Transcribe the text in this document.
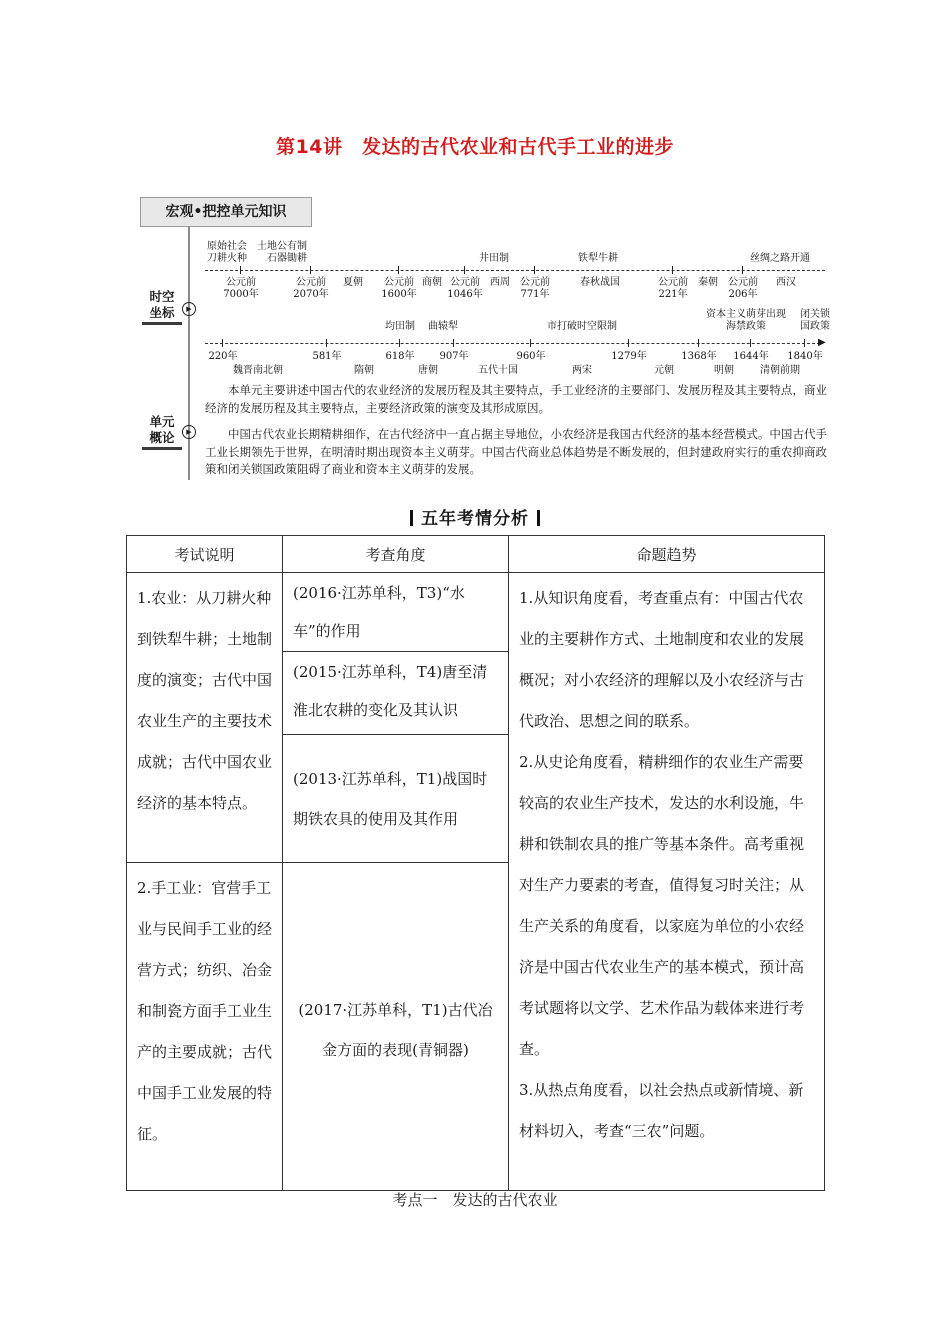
第14讲　发达的古代农业和古代手工业的进步
宏观•把控单元知识
时空
坐标	▶
单元
概论	▶
原始社会
刀耕火种
土地公有制
石器锄耕	井田制	铁犁牛耕	丝绸之路开通
公元前
7000年
公元前
2070年
夏朝 公元前
1600年
商朝 公元前
1046年
西周 公元前
771年
春秋战国	公元前
221年
秦朝 公元前
206年
西汉
▶
均田制 曲辕犁	市打破时空限制
资本主义萌芽出现
海禁政策
闭关锁
国政策
220年
魏晋南北朝
581年
隋朝
618年
唐朝
907年
五代十国
960年
两宋
1279年
元朝
1368年
明朝
1644年
清朝前期
1840年
本单元主要讲述中国古代的农业经济的发展历程及其主要特点，手工业经济的主要部门、发展历程及其主要特点，商业经济的发展历程及其主要特点，主要经济政策的演变及其形成原因。
中国古代农业长期精耕细作，在古代经济中一直占据主导地位，小农经济是我国古代经济的基本经营模式。中国古代手工业长期领先于世界，在明清时期出现资本主义萌芽。中国古代商业总体趋势是不断发展的，但封建政府实行的重农抑商政策和闭关锁国政策阻碍了商业和资本主义萌芽的发展。
五年考情分析
考试说明	考查角度	命题趋势

1.农业：从刀耕火种到铁犁牛耕；土地制度的演变；古代中国农业生产的主要技术成就；古代中国农业经济的基本特点。	(2016·江苏单科，T3)“水车”的作用	1.从知识角度看，考查重点有：中国古代农业的主要耕作方式、土地制度和农业的发展概况；对小农经济的理解以及小农经济与古代政治、思想之间的联系。
2.从史论角度看，精耕细作的农业生产需要较高的农业生产技术，发达的水利设施，牛耕和铁制农具的推广等基本条件。高考重视对生产力要素的考查，值得复习时关注；从生产关系的角度看，以家庭为单位的小农经济是中国古代农业生产的基本模式，预计高考试题将以文学、艺术作品为载体来进行考查。
3.从热点角度看，以社会热点或新情境、新材料切入，考查“三农”问题。

	(2015·江苏单科，T4)唐至清淮北农耕的变化及其认识	

	(2013·江苏单科，T1)战国时期铁农具的使用及其作用	

2.手工业：官营手工业与民间手工业的经营方式；纺织、冶金和制瓷方面手工业生产的主要成就；古代中国手工业发展的特征。	(2017·江苏单科，T1)古代冶金方面的表现(青铜器)	
考点一　发达的古代农业
